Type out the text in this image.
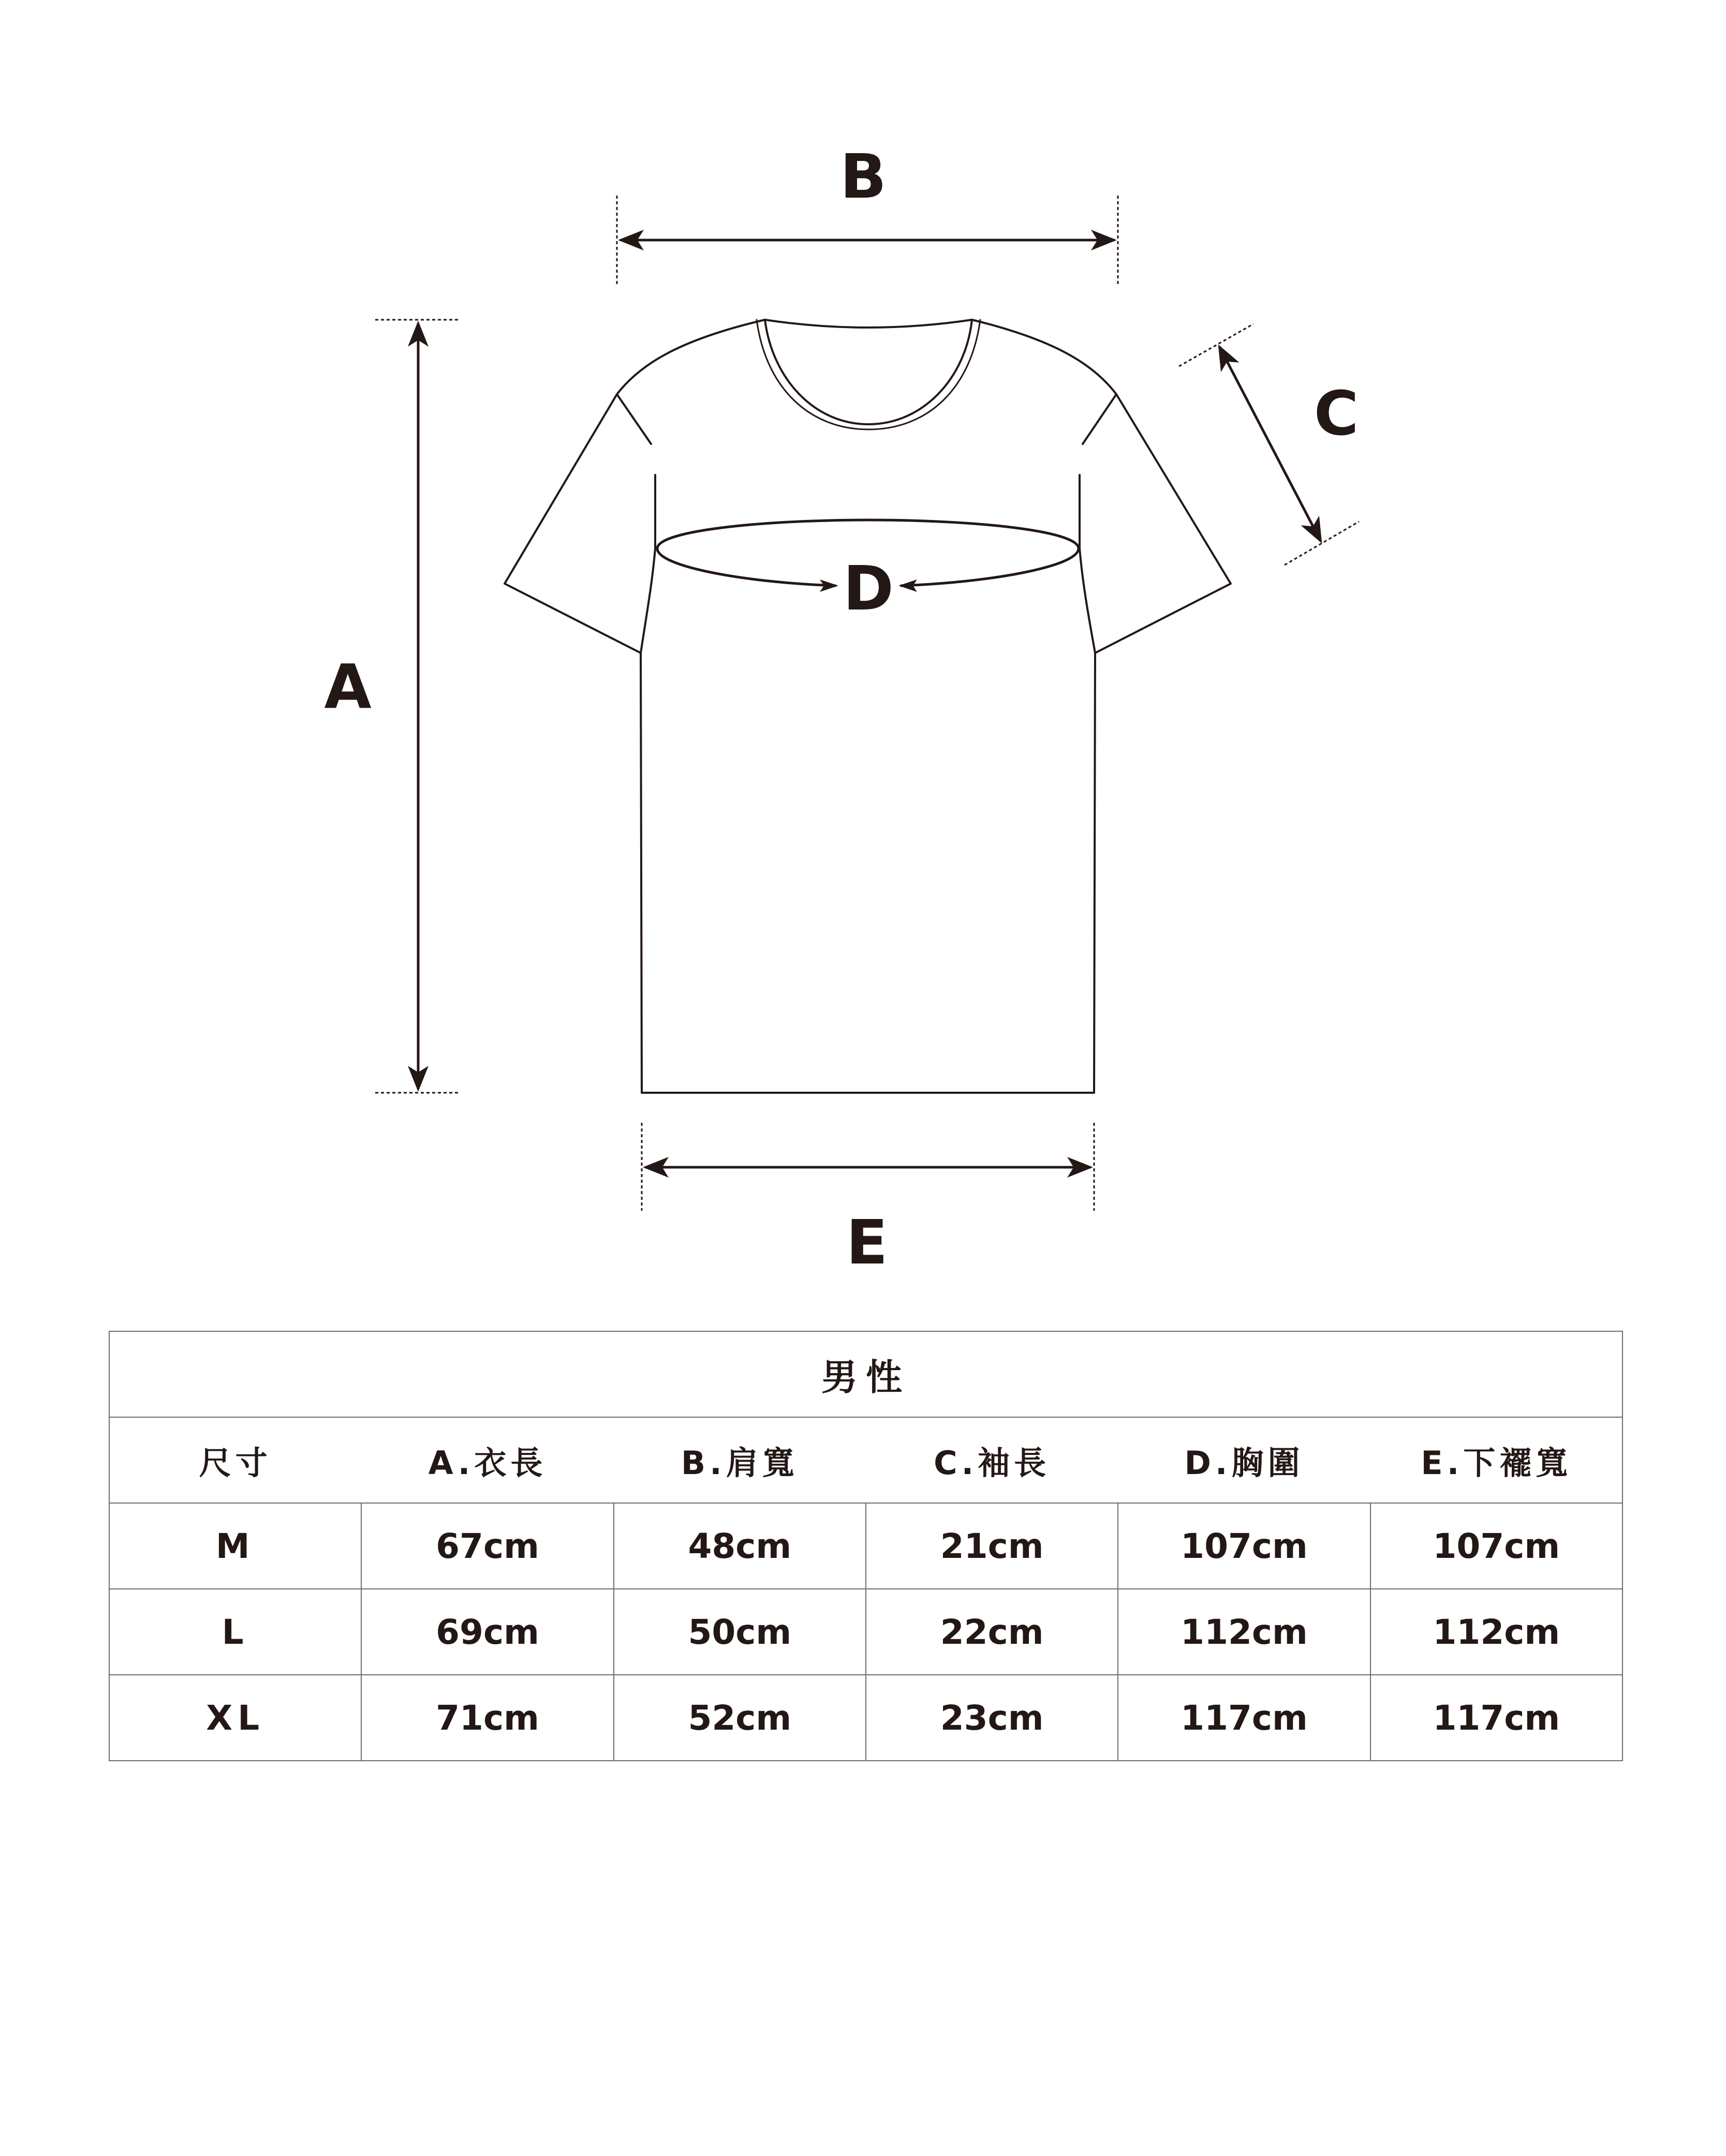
A
B
C
D
E
男性					
尺寸	A.衣長	B.肩寬	C.袖長	D.胸圍	E.下襬寬
M	67cm	48cm	21cm	107cm	107cm
L	69cm	50cm	22cm	112cm	112cm
XL	71cm	52cm	23cm	117cm	117cm
